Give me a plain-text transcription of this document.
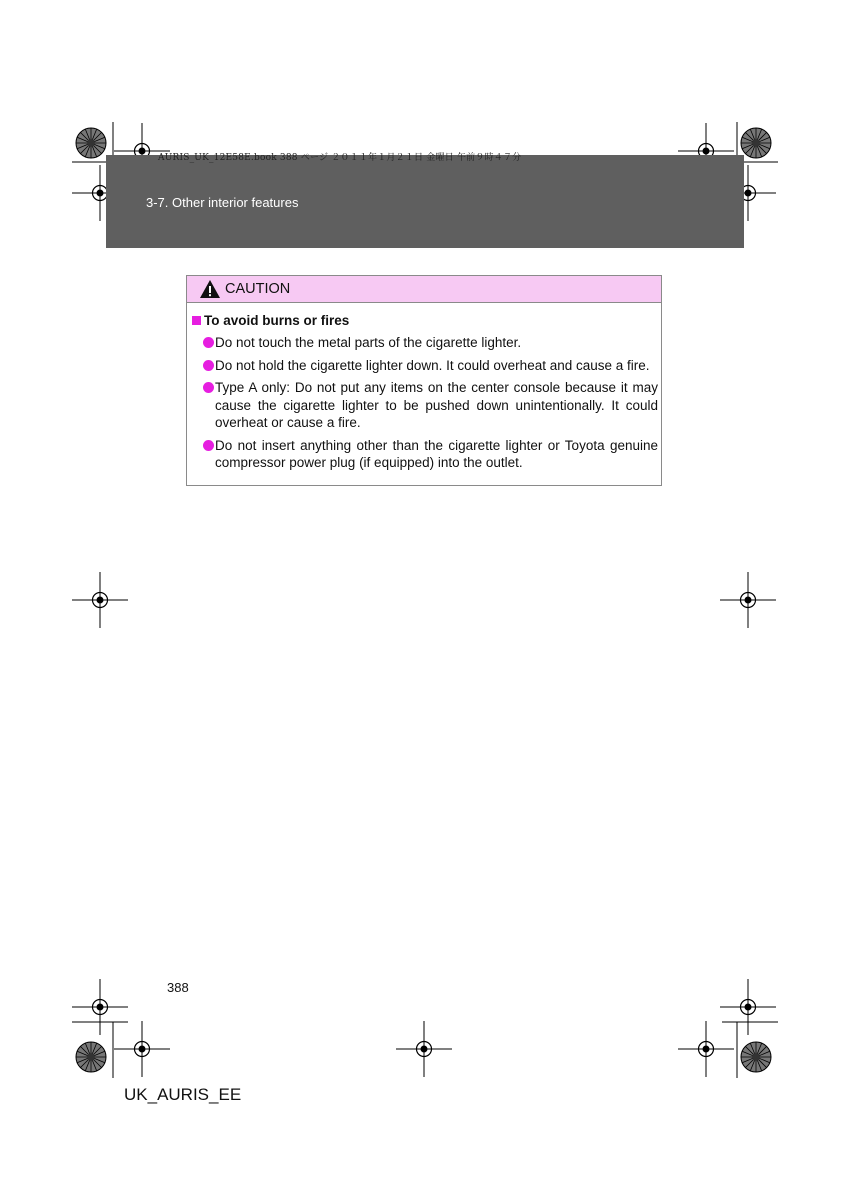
AURIS_UK_12E58E.book 388 ページ ２０１１年１月２１日 金曜日 午前９時４７分
3-7. Other interior features
CAUTION
To avoid burns or fires
Do not touch the metal parts of the cigarette lighter.
Do not hold the cigarette lighter down. It could overheat and cause a fire.
Type A only: Do not put any items on the center console because it may cause the cigarette lighter to be pushed down unintentionally. It could overheat or cause a fire.
Do not insert anything other than the cigarette lighter or Toyota genuine compressor power plug (if equipped) into the outlet.
388
UK_AURIS_EE
